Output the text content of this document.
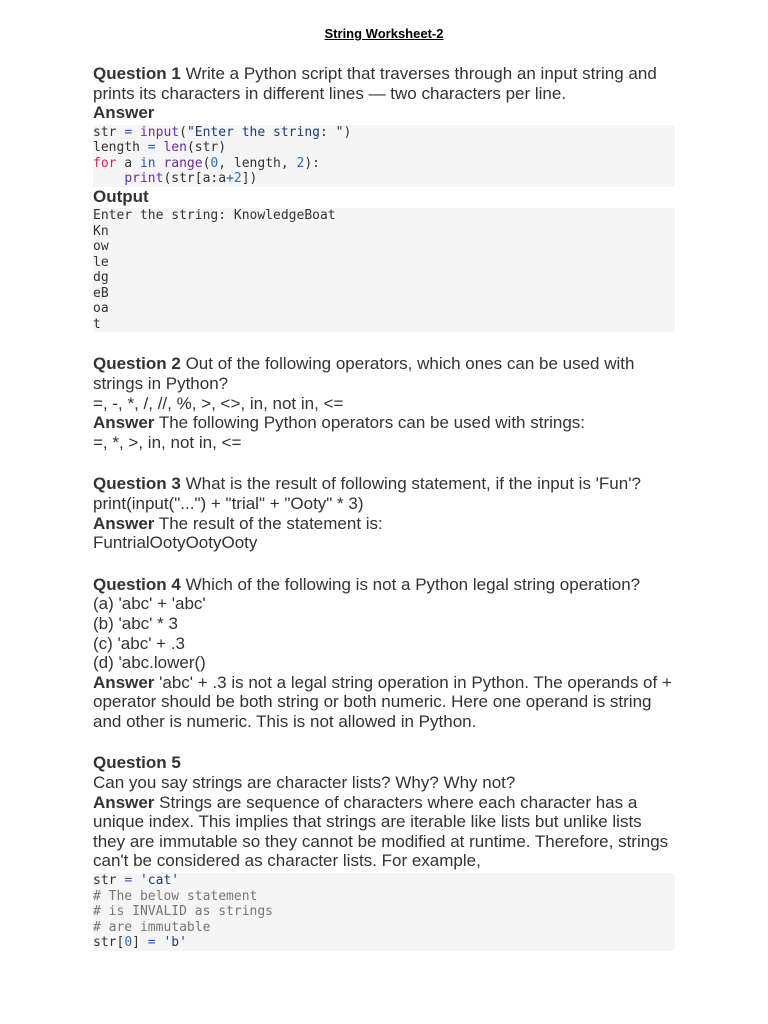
String Worksheet-2

Question 1 Write a Python script that traverses through an input string and prints its characters in different lines — two characters per line.

Answer

str = input("Enter the string: ")
length = len(str)
for a in range(0, length, 2):
print(str[a:a+2])

Output

Enter the string: KnowledgeBoat
Kn
ow
le
dg
eB
oa
t

Question 2 Out of the following operators, which ones can be used with strings in Python?

=, -, *, /, //, %, >, <>, in, not in, <=

Answer The following Python operators can be used with strings:

=, *, >, in, not in, <=

Question 3 What is the result of following statement, if the input is 'Fun'?

print(input("...") + "trial" + "Ooty" * 3)

Answer The result of the statement is:

FuntrialOotyOotyOoty

Question 4 Which of the following is not a Python legal string operation?

(a) 'abc' + 'abc'

(b) 'abc' * 3

(c) 'abc' + .3

(d) 'abc.lower()

Answer 'abc' + .3 is not a legal string operation in Python. The operands of + operator should be both string or both numeric. Here one operand is string and other is numeric. This is not allowed in Python.

Question 5

Can you say strings are character lists? Why? Why not?

Answer Strings are sequence of characters where each character has a unique index. This implies that strings are iterable like lists but unlike lists they are immutable so they cannot be modified at runtime. Therefore, strings can't be considered as character lists. For example,

str = 'cat'
# The below statement
# is INVALID as strings
# are immutable
str[0] = 'b'
